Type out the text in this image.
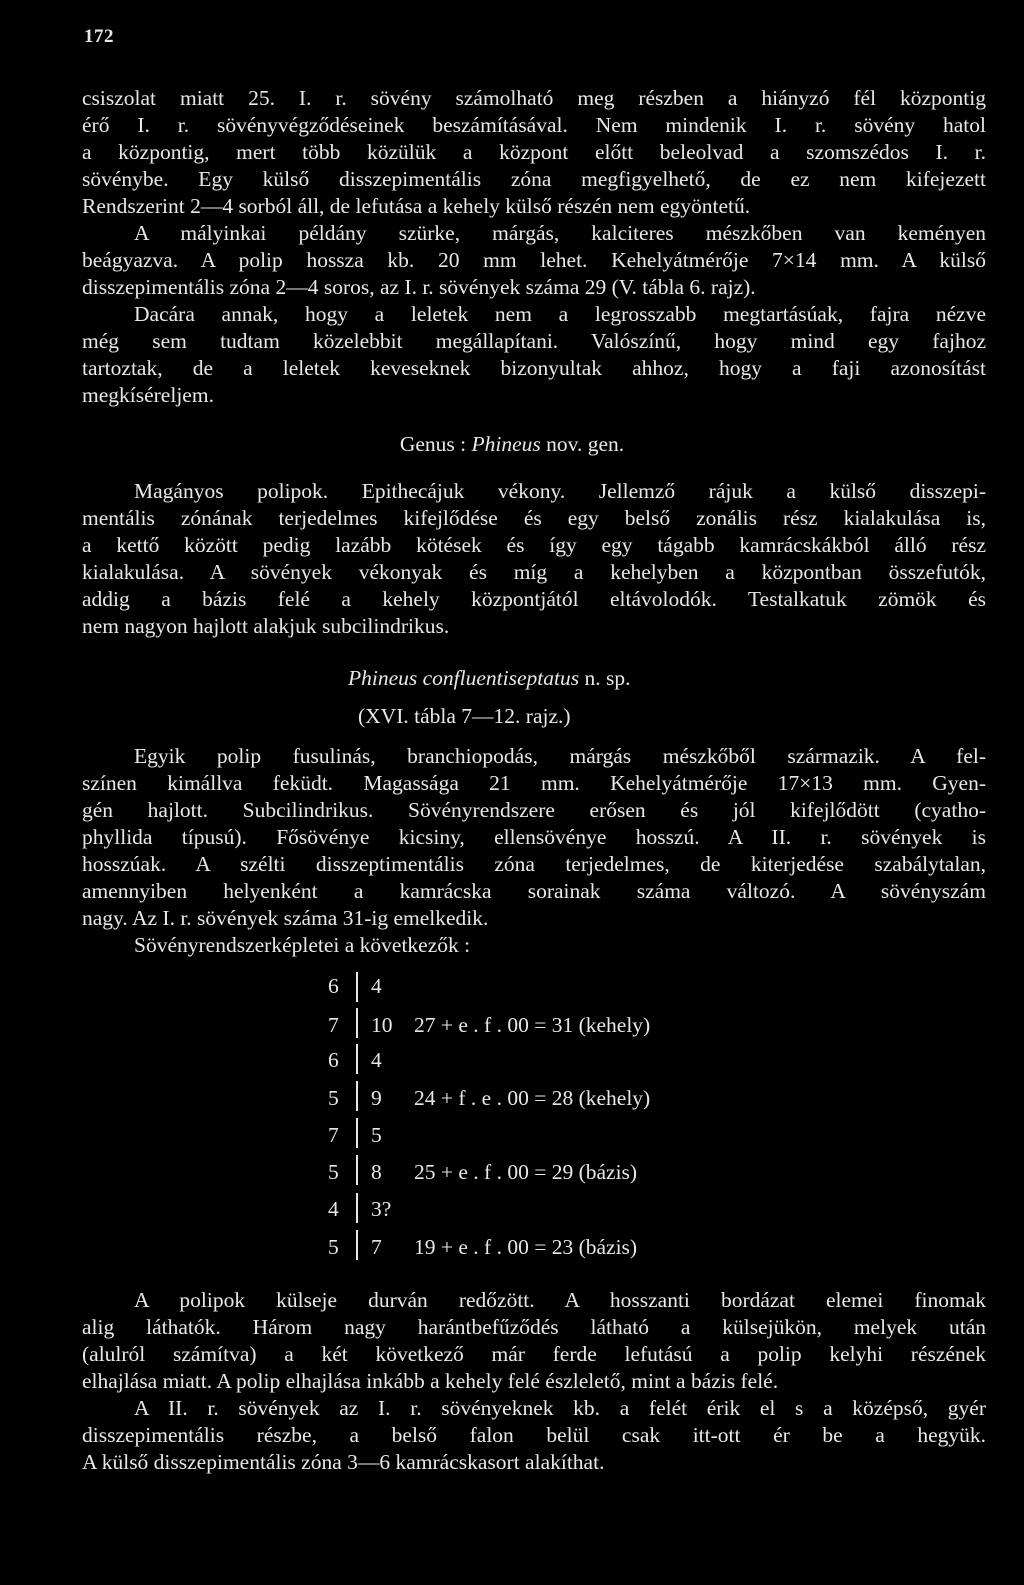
172

csiszolat miatt 25. I. r. sövény számolható meg részben a hiányzó fél központig

érő I. r. sövényvégződéseinek beszámításával. Nem mindenik I. r. sövény hatol

a központig, mert több közülük a központ előtt beleolvad a szomszédos I. r.

sövénybe. Egy külső disszepimentális zóna megfigyelhető, de ez nem kifejezett

Rendszerint 2—4 sorból áll, de lefutása a kehely külső részén nem egyöntetű.

A mályinkai példány szürke, márgás, kalciteres mészkőben van keményen

beágyazva. A polip hossza kb. 20 mm lehet. Kehelyátmérője 7×14 mm. A külső

disszepimentális zóna 2—4 soros, az I. r. sövények száma 29 (V. tábla 6. rajz).

Dacára annak, hogy a leletek nem a legrosszabb megtartásúak, fajra nézve

még sem tudtam közelebbit megállapítani. Valószínű, hogy mind egy fajhoz

tartoztak, de a leletek keveseknek bizonyultak ahhoz, hogy a faji azonosítást

megkíséreljem.

Genus : Phineus nov. gen.

Magányos polipok. Epithecájuk vékony. Jellemző rájuk a külső disszepi-

mentális zónának terjedelmes kifejlődése és egy belső zonális rész kialakulása is,

a kettő között pedig lazább kötések és így egy tágabb kamrácskákból álló rész

kialakulása. A sövények vékonyak és míg a kehelyben a központban összefutók,

addig a bázis felé a kehely központjától eltávolodók. Testalkatuk zömök és

nem nagyon hajlott alakjuk subcilindrikus.

Phineus confluentiseptatus n. sp.
(XVI. tábla 7—12. rajz.)

Egyik polip fusulinás, branchiopodás, márgás mészkőből származik. A fel-

színen kimállva feküdt. Magassága 21 mm. Kehelyátmérője 17×13 mm. Gyen-

gén hajlott. Subcilindrikus. Sövényrendszere erősen és jól kifejlődött (cyatho-

phyllida típusú). Fősövénye kicsiny, ellensövénye hosszú. A II. r. sövények is

hosszúak. A szélti disszeptimentális zóna terjedelmes, de kiterjedése szabálytalan,

amennyiben helyenként a kamrácska sorainak száma változó. A sövényszám

nagy. Az I. r. sövények száma 31-ig emelkedik.

Sövényrendszerképletei a következők :

6 4
7 10 27 + e . f . 00 = 31 (kehely)
6 4
5 9 24 + f . e . 00 = 28 (kehely)
7 5
5 8 25 + e . f . 00 = 29 (bázis)
4 3?
5 7 19 + e . f . 00 = 23 (bázis)

A polipok külseje durván redőzött. A hosszanti bordázat elemei finomak

alig láthatók. Három nagy harántbefűződés látható a külsejükön, melyek után

(alulról számítva) a két következő már ferde lefutású a polip kelyhi részének

elhajlása miatt. A polip elhajlása inkább a kehely felé észlelető, mint a bázis felé.

A II. r. sövények az I. r. sövényeknek kb. a felét érik el s a középső, gyér

disszepimentális részbe, a belső falon belül csak itt-ott ér be a hegyük.

A külső disszepimentális zóna 3—6 kamrácskasort alakíthat.
